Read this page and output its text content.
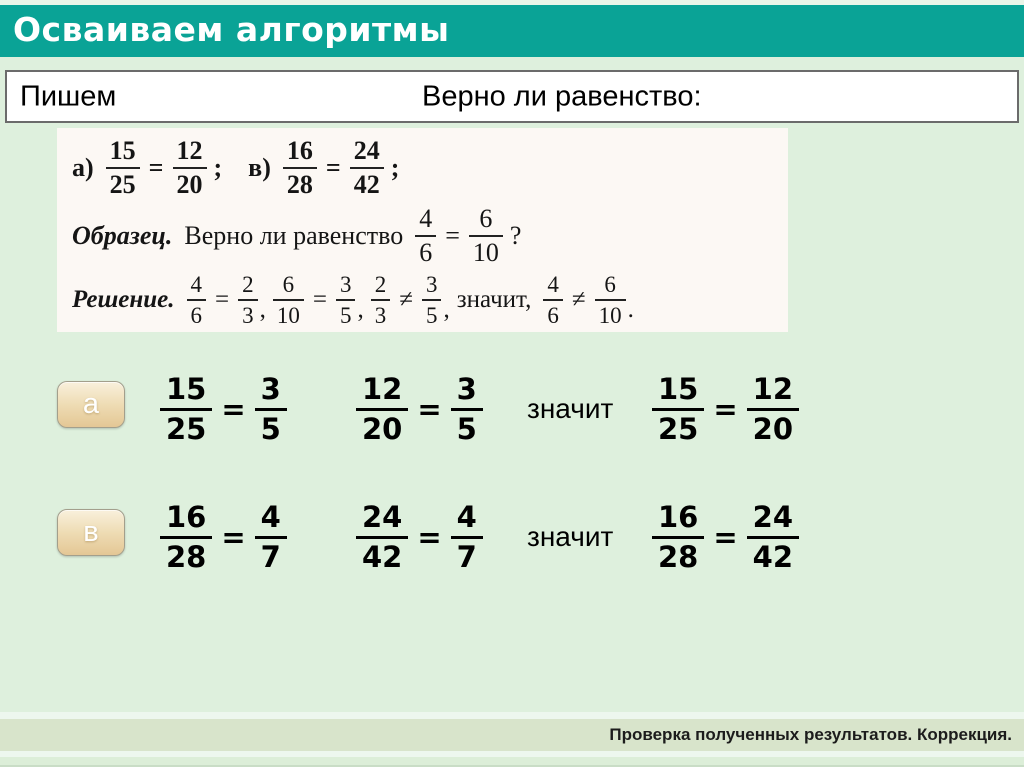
Осваиваем алгоритмы
Пишем	Верно ли равенство:
$а) \frac{15}{25} = \frac{12}{20}$ ; $в) \frac{16}{28} = \frac{24}{42}$ ;
Образец. Верно ли равенство $\frac{4}{6} = \frac{6}{10}$ ?
Решение. $\frac{4}{6} = \frac{2}{3}$ , $\frac{6}{10} = \frac{3}{5}$ ,
2
3
≠
3
5 , значит,
4
6
≠
6
10 .
а	$\frac{15}{25} = \frac{3}{5} \frac{12}{20} = \frac{3}{5}$ значит $\frac{15}{25} = \frac{12}{20}$
в	$\frac{16}{28} = \frac{4}{7} \frac{24}{42} = \frac{4}{7}$ значит $\frac{16}{28} = \frac{24}{42}$
Проверка полученных результатов. Коррекция.
